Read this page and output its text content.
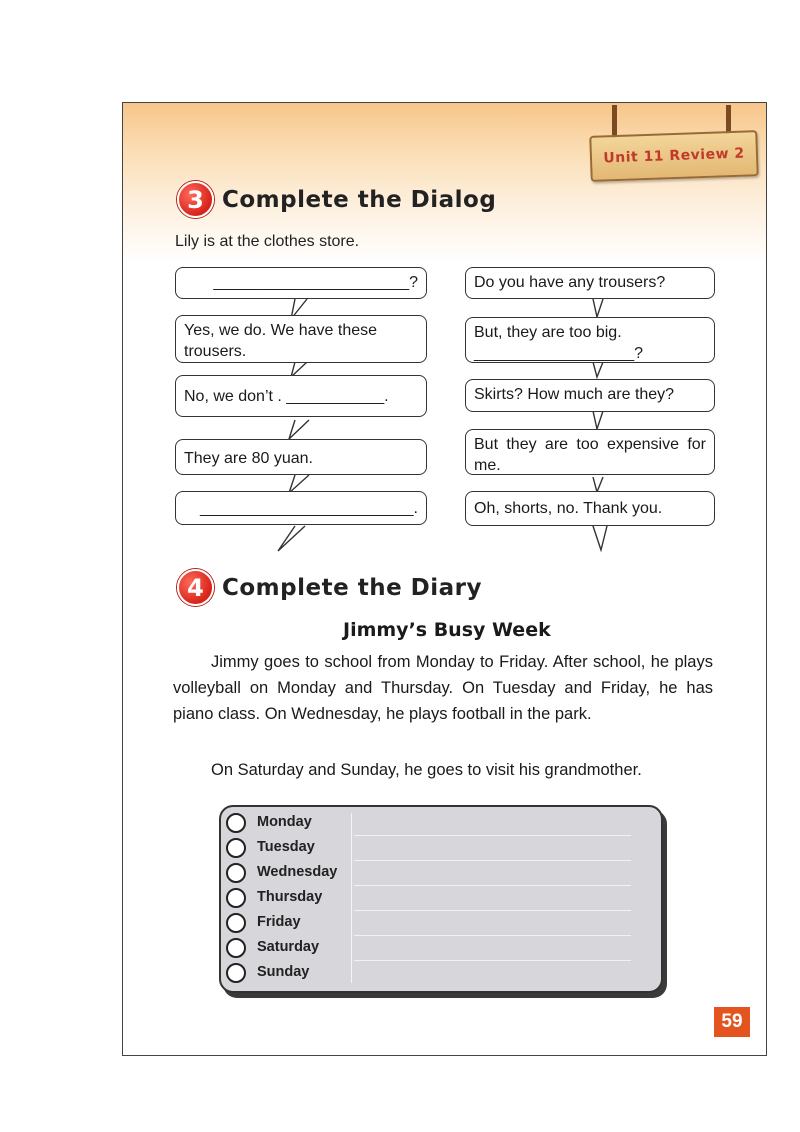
Unit 11 Review 2
3 Complete the Dialog
Lily is at the clothes store.
______________________?
Yes, we do. We have these trousers.
No, we don’t . ___________.
They are 80 yuan.
________________________.
Do you have any trousers?
But, they are too big.
__________________?
Skirts? How much are they?
But they are too expensive for me.
Oh, shorts, no. Thank you.
4 Complete the Diary
Jimmy’s Busy Week

Jimmy goes to school from Monday to Friday. After school, he plays volleyball on Monday and Thursday. On Tuesday and Friday, he has piano class. On Wednesday, he plays football in the park.

On Saturday and Sunday, he goes to visit his grandmother.

Monday
Tuesday
Wednesday
Thursday
Friday
Saturday
Sunday
59
